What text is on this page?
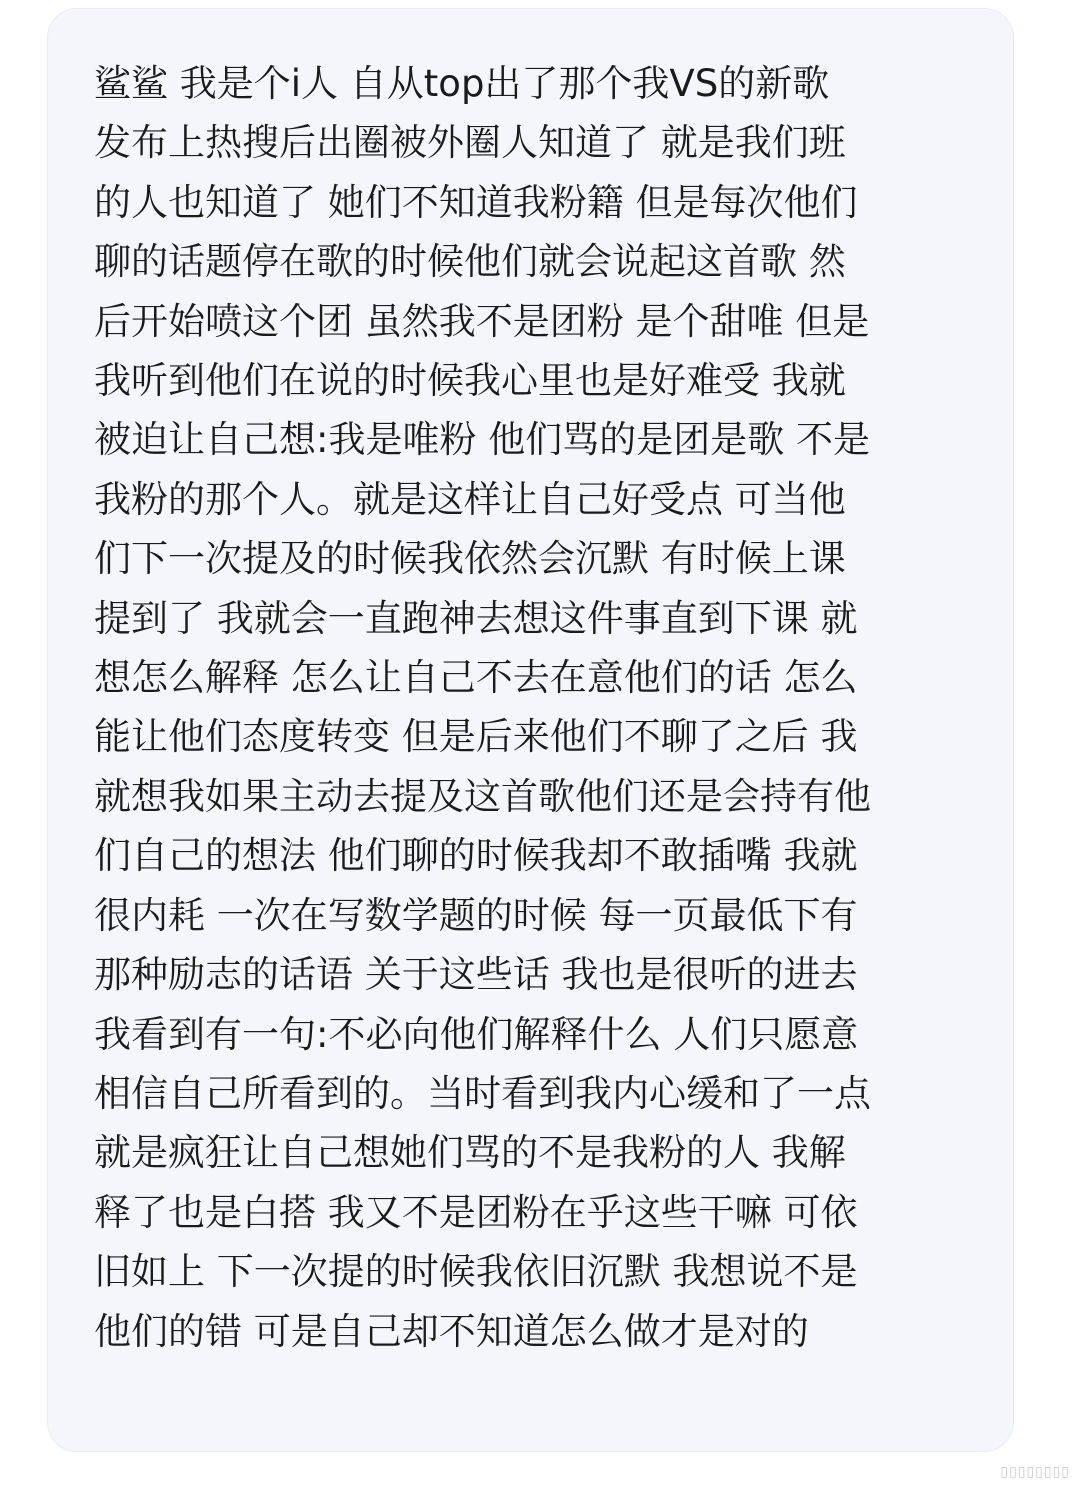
鲨鲨 我是个i人 自从top出了那个我VS的新歌
发布上热搜后出圈被外圈人知道了 就是我们班
的人也知道了 她们不知道我粉籍 但是每次他们
聊的话题停在歌的时候他们就会说起这首歌 然
后开始喷这个团 虽然我不是团粉 是个甜唯 但是
我听到他们在说的时候我心里也是好难受 我就
被迫让自己想:我是唯粉 他们骂的是团是歌 不是
我粉的那个人。就是这样让自己好受点 可当他
们下一次提及的时候我依然会沉默 有时候上课
提到了 我就会一直跑神去想这件事直到下课 就
想怎么解释 怎么让自己不去在意他们的话 怎么
能让他们态度转变 但是后来他们不聊了之后 我
就想我如果主动去提及这首歌他们还是会持有他
们自己的想法 他们聊的时候我却不敢插嘴 我就
很内耗 一次在写数学题的时候 每一页最低下有
那种励志的话语 关于这些话 我也是很听的进去
我看到有一句:不必向他们解释什么 人们只愿意
相信自己所看到的。当时看到我内心缓和了一点
就是疯狂让自己想她们骂的不是我粉的人 我解
释了也是白搭 我又不是团粉在乎这些干嘛 可依
旧如上 下一次提的时候我依旧沉默 我想说不是
他们的错 可是自己却不知道怎么做才是对的
▯▯▯▯▯▯▯▯
